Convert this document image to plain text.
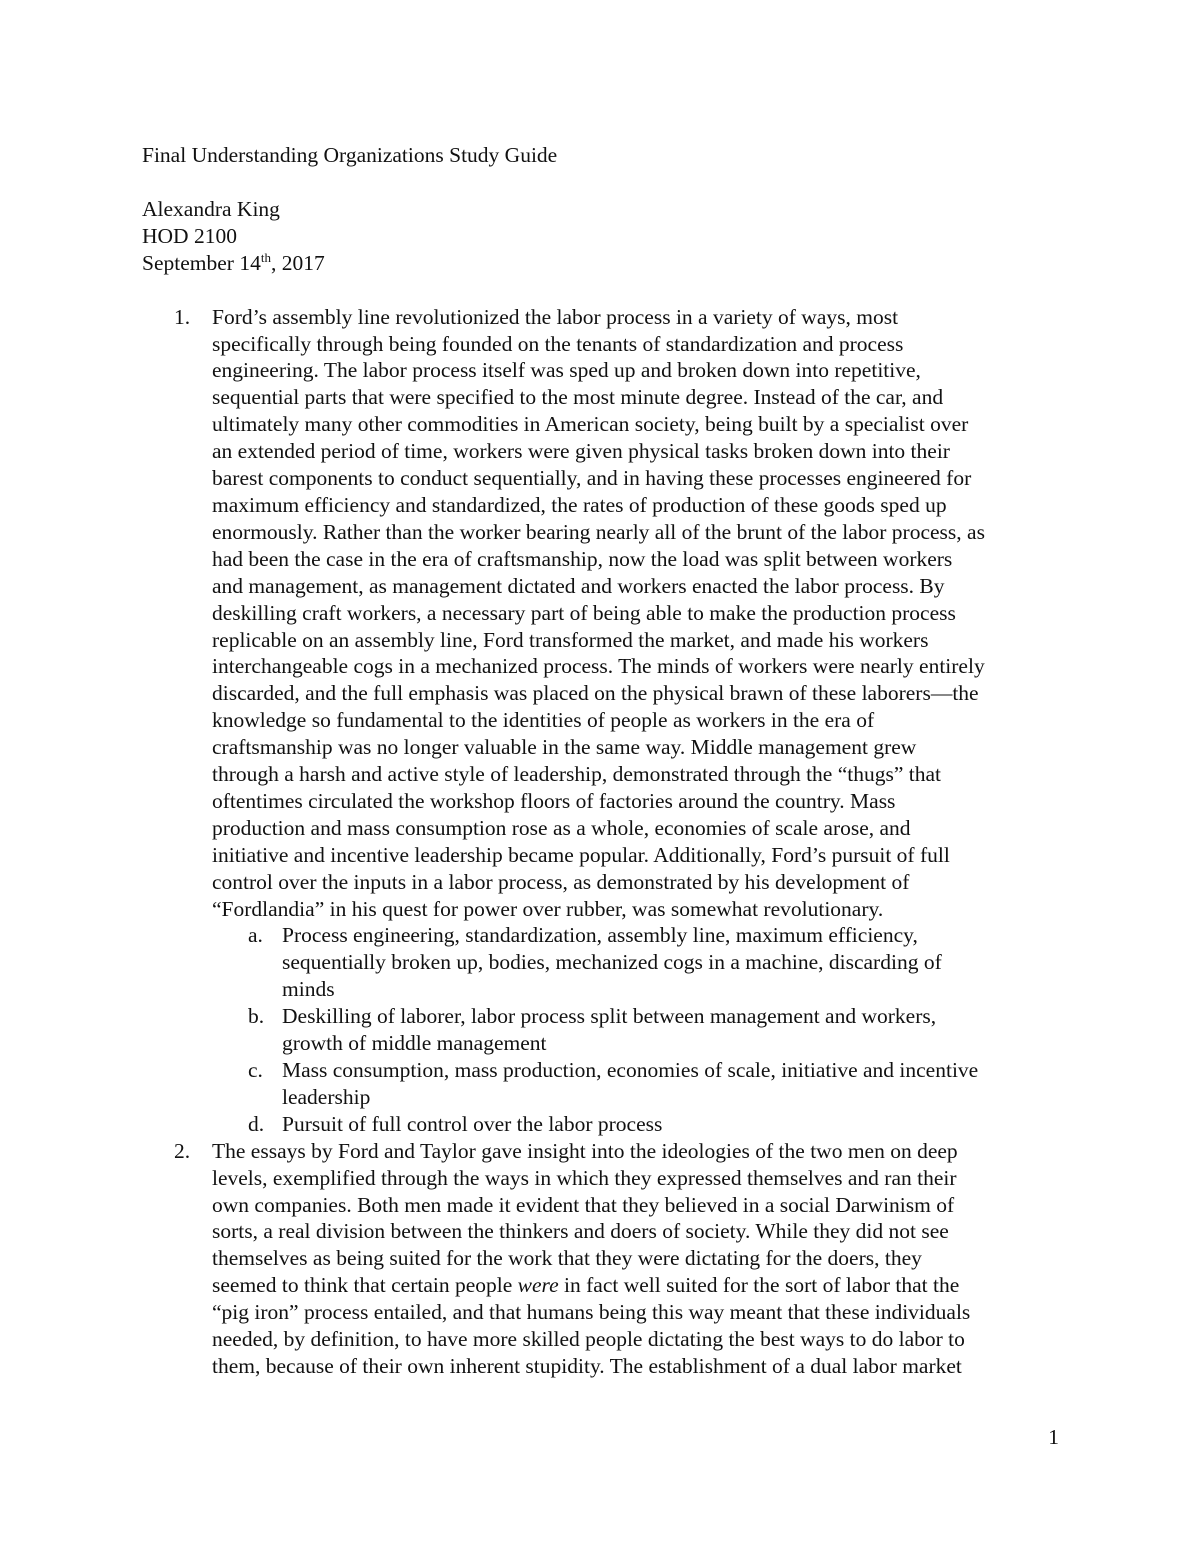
Final Understanding Organizations Study Guide
Alexandra King
HOD 2100
September 14th, 2017
1. Ford’s assembly line revolutionized the labor process in a variety of ways, most
specifically through being founded on the tenants of standardization and process
engineering. The labor process itself was sped up and broken down into repetitive,
sequential parts that were specified to the most minute degree. Instead of the car, and
ultimately many other commodities in American society, being built by a specialist over
an extended period of time, workers were given physical tasks broken down into their
barest components to conduct sequentially, and in having these processes engineered for
maximum efficiency and standardized, the rates of production of these goods sped up
enormously. Rather than the worker bearing nearly all of the brunt of the labor process, as
had been the case in the era of craftsmanship, now the load was split between workers
and management, as management dictated and workers enacted the labor process. By
deskilling craft workers, a necessary part of being able to make the production process
replicable on an assembly line, Ford transformed the market, and made his workers
interchangeable cogs in a mechanized process. The minds of workers were nearly entirely
discarded, and the full emphasis was placed on the physical brawn of these laborers—the
knowledge so fundamental to the identities of people as workers in the era of
craftsmanship was no longer valuable in the same way. Middle management grew
through a harsh and active style of leadership, demonstrated through the “thugs” that
oftentimes circulated the workshop floors of factories around the country. Mass
production and mass consumption rose as a whole, economies of scale arose, and
initiative and incentive leadership became popular. Additionally, Ford’s pursuit of full
control over the inputs in a labor process, as demonstrated by his development of
“Fordlandia” in his quest for power over rubber, was somewhat revolutionary.
a. Process engineering, standardization, assembly line, maximum efficiency,
sequentially broken up, bodies, mechanized cogs in a machine, discarding of
minds
b. Deskilling of laborer, labor process split between management and workers,
growth of middle management
c. Mass consumption, mass production, economies of scale, initiative and incentive
leadership
d. Pursuit of full control over the labor process
2. The essays by Ford and Taylor gave insight into the ideologies of the two men on deep
levels, exemplified through the ways in which they expressed themselves and ran their
own companies. Both men made it evident that they believed in a social Darwinism of
sorts, a real division between the thinkers and doers of society. While they did not see
themselves as being suited for the work that they were dictating for the doers, they
seemed to think that certain people were in fact well suited for the sort of labor that the
“pig iron” process entailed, and that humans being this way meant that these individuals
needed, by definition, to have more skilled people dictating the best ways to do labor to
them, because of their own inherent stupidity. The establishment of a dual labor market
1
